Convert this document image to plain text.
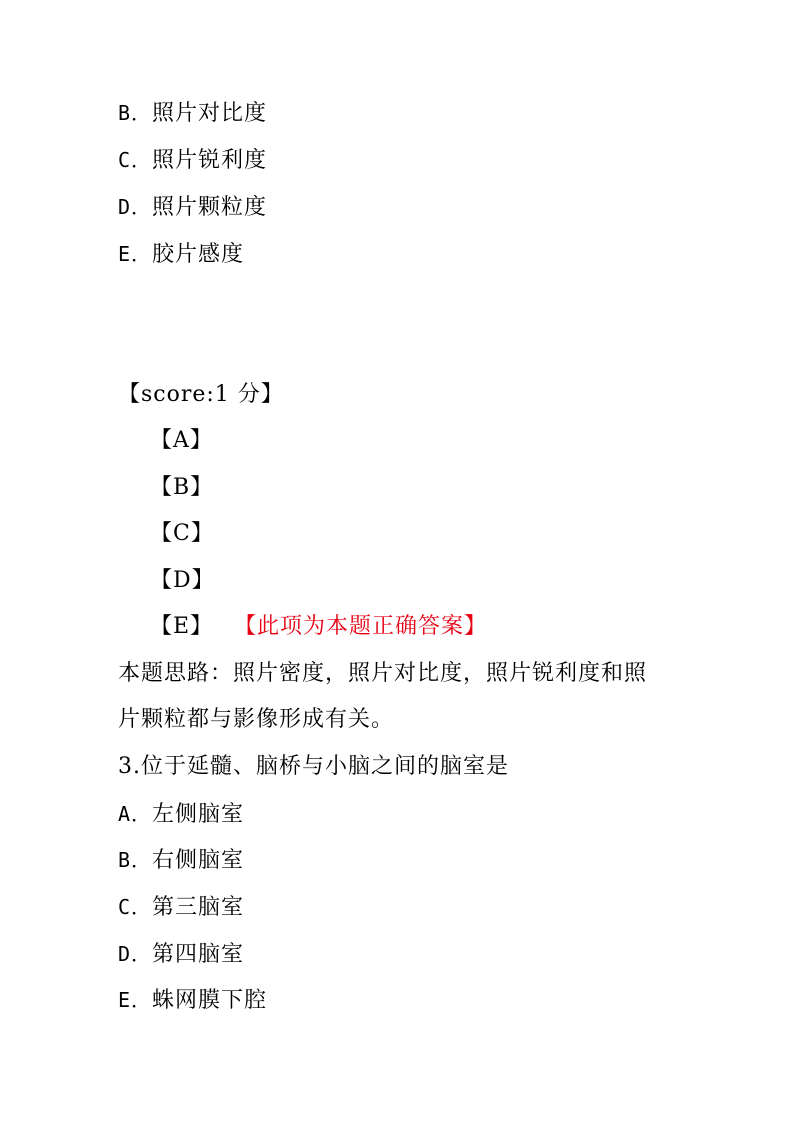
B．照片对比度
C．照片锐利度
D．照片颗粒度
E．胶片感度
【score:1 分】
【A】
【B】
【C】
【D】
【E】 【此项为本题正确答案】
本题思路：照片密度，照片对比度，照片锐利度和照
片颗粒都与影像形成有关。
3.位于延髓、脑桥与小脑之间的脑室是
A．左侧脑室
B．右侧脑室
C．第三脑室
D．第四脑室
E．蛛网膜下腔
